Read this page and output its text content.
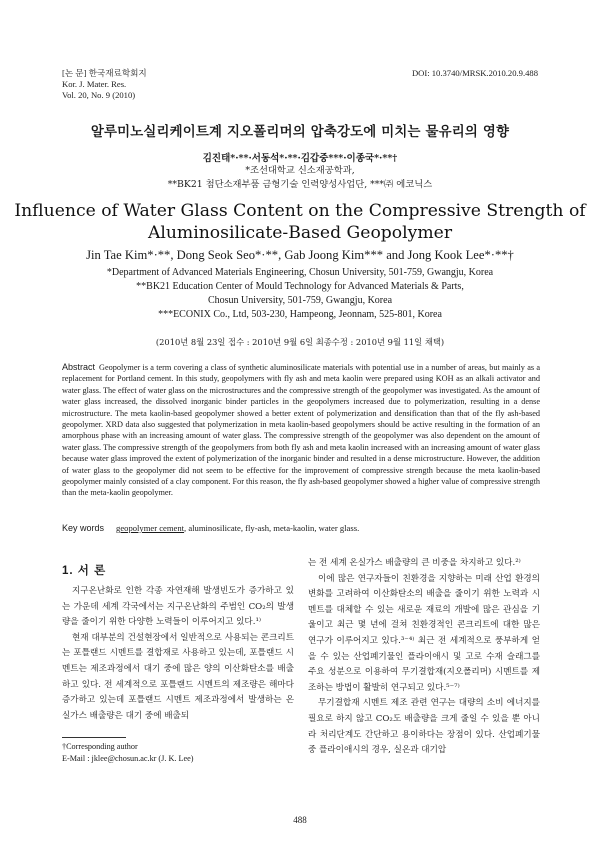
[논 문] 한국재료학회지
Kor. J. Mater. Res.
Vol. 20, No. 9 (2010)
DOI: 10.3740/MRSK.2010.20.9.488
알루미노실리케이트계 지오폴리머의 압축강도에 미치는 물유리의 영향
김진태*·**·서동석*·**·김갑중***·이종국*·**†
*조선대학교 신소재공학과,
**BK21 첨단소재부품 금형기술 인력양성사업단, ***㈜ 에코닉스
Influence of Water Glass Content on the Compressive Strength of
Aluminosilicate-Based Geopolymer
Jin Tae Kim*·**, Dong Seok Seo*·**, Gab Joong Kim*** and Jong Kook Lee*·**†
*Department of Advanced Materials Engineering, Chosun University, 501-759, Gwangju, Korea
**BK21 Education Center of Mould Technology for Advanced Materials & Parts,
Chosun University, 501-759, Gwangju, Korea
***ECONIX Co., Ltd, 503-230, Hampeong, Jeonnam, 525-801, Korea
(2010년 8월 23일 접수 : 2010년 9월 6일 최종수정 : 2010년 9월 11일 채택)
Abstract Geopolymer is a term covering a class of synthetic aluminosilicate materials with potential use in a number of areas, but mainly as a replacement for Portland cement. In this study, geopolymers with fly ash and meta kaolin were prepared using KOH as an alkali activator and water glass. The effect of water glass on the microstructures and the compressive strength of the geopolymer was investigated. As the amount of water glass increased, the dissolved inorganic binder particles in the geopolymers increased due to polymerization, resulting in a dense microstructure. The meta kaolin-based geopolymer showed a better extent of polymerization and densification than that of the fly ash-based geopolymer. XRD data also suggested that polymerization in meta kaolin-based geopolymers should be active resulting in the formation of an amorphous phase with an increasing amount of water glass. The compressive strength of the geopolymer was also dependent on the amount of water glass. The compressive strength of the geopolymers from both fly ash and meta kaolin increased with an increasing amount of water glass because water glass improved the extent of polymerization of the inorganic binder and resulted in a dense microstructure. However, the addition of water glass to the geopolymer did not seem to be effective for the improvement of compressive strength because the meta kaolin-based geopolymer mainly consisted of a clay component. For this reason, the fly ash-based geopolymer showed a higher value of compressive strength than the meta-kaolin geopolymer.
Key words geopolymer cement, aluminosilicate, fly-ash, meta-kaolin, water glass.
1. 서 론

지구온난화로 인한 각종 자연재해 발생빈도가 증가하고 있는 가운데 세계 각국에서는 지구온난화의 주범인 CO₂의 발생량을 줄이기 위한 다양한 노력들이 이루어지고 있다.¹⁾

현재 대부분의 건설현장에서 일반적으로 사용되는 콘크리트는 포틀랜드 시멘트를 결합재로 사용하고 있는데, 포틀랜드 시멘트는 제조과정에서 대기 중에 많은 양의 이산화탄소를 배출하고 있다. 전 세계적으로 포틀랜드 시멘트의 제조량은 해마다 증가하고 있는데 포틀랜드 시멘트 제조과정에서 발생하는 온실가스 배출량은 대기 중에 배출되

는 전 세계 온실가스 배출량의 큰 비중을 차지하고 있다.²⁾

이에 많은 연구자들이 친환경을 지향하는 미래 산업 환경의 변화를 고려하여 이산화탄소의 배출을 줄이기 위한 노력과 시멘트를 대체할 수 있는 새로운 재료의 개발에 많은 관심을 기울이고 최근 몇 년에 걸쳐 친환경적인 콘크리트에 대한 많은 연구가 이루어지고 있다.³⁻⁴⁾ 최근 전 세계적으로 풍부하게 얻을 수 있는 산업폐기물인 플라이애시 및 고로 수재 슬래그를 주요 성분으로 이용하여 무기결합재(지오폴리머) 시멘트를 제조하는 방법이 활발히 연구되고 있다.⁵⁻⁷⁾

무기결합재 시멘트 제조 관련 연구는 대량의 소비 에너지를 필요로 하지 않고 CO₂도 배출량을 크게 줄일 수 있을 뿐 아니라 처리단계도 간단하고 용이하다는 장점이 있다. 산업폐기물 중 플라이애시의 경우, 실온과 대기압

†Corresponding author
E-Mail : jklee@chosun.ac.kr (J. K. Lee)
488
